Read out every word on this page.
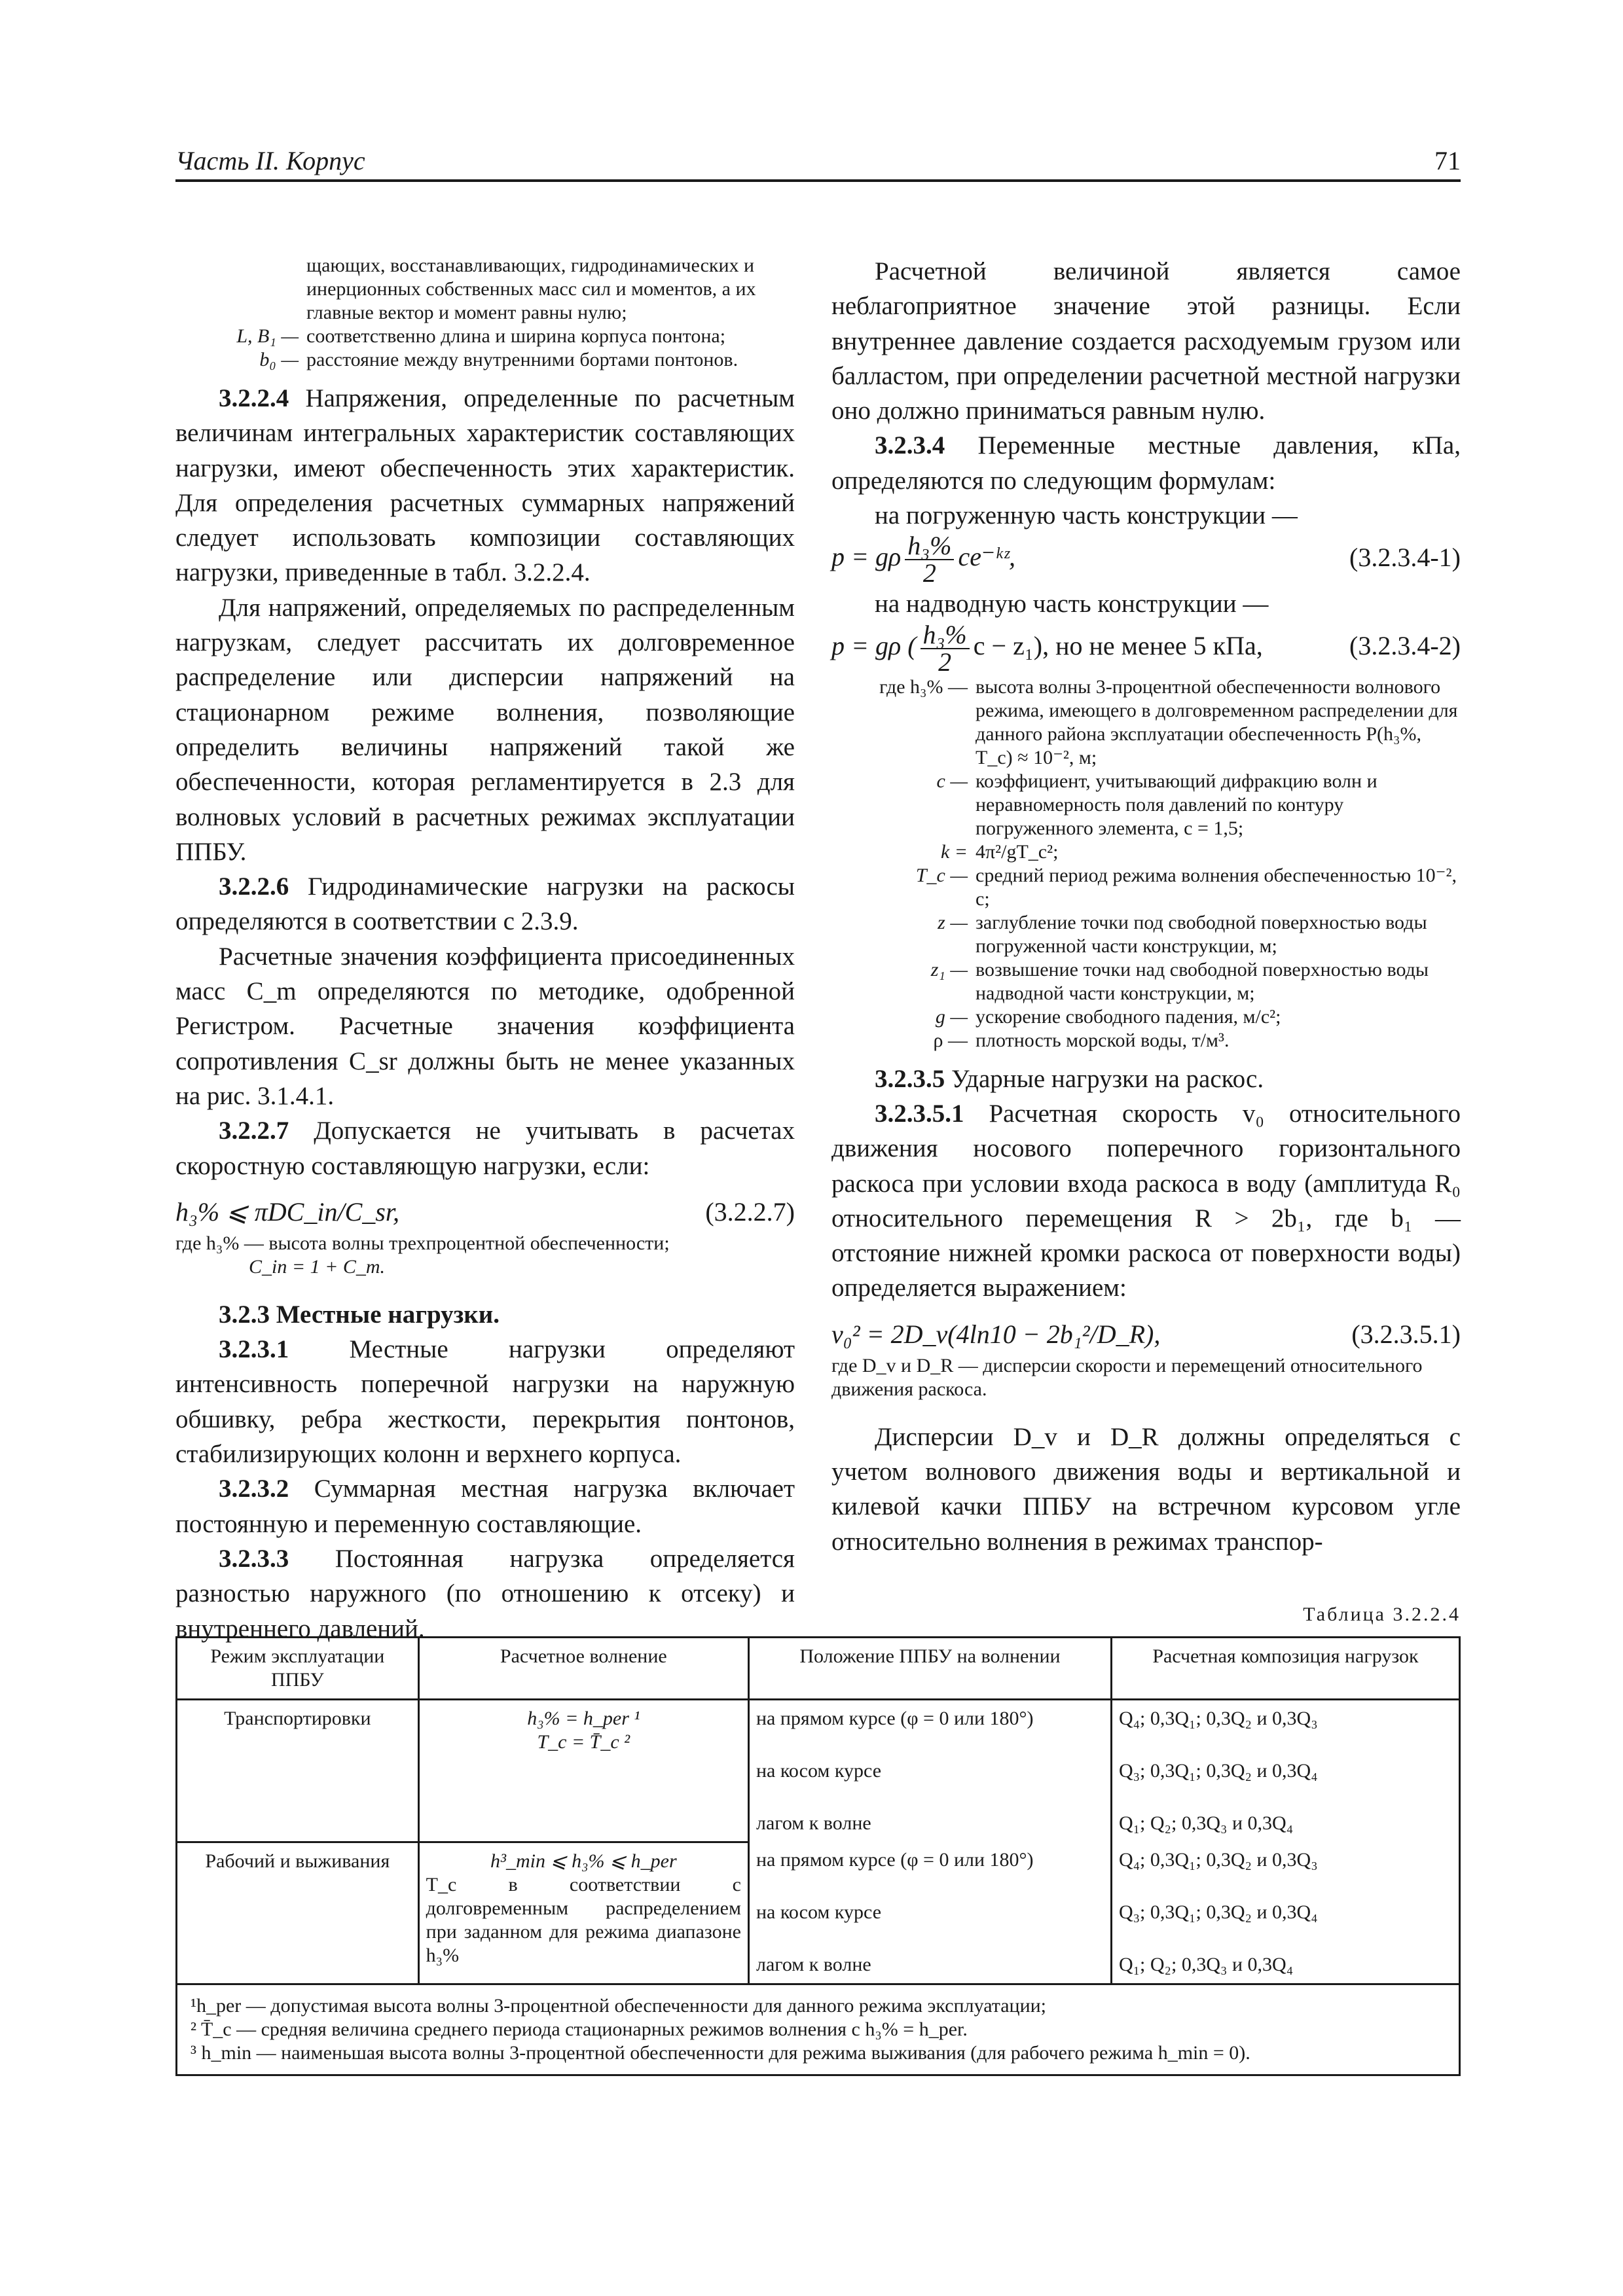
Часть II. Корпус	71
щающих, восстанавливающих, гидродинамических и инерционных собственных масс сил и моментов, а их главные вектор и момент равны нулю;
L, B₁ — соответственно длина и ширина корпуса понтона;
b₀ — расстояние между внутренними бортами понтонов.

3.2.2.4 Напряжения, определенные по расчетным величинам интегральных характеристик составляющих нагрузки, имеют обеспеченность этих характеристик. Для определения расчетных суммарных напряжений следует использовать композиции составляющих нагрузки, приведенные в табл. 3.2.2.4.

Для напряжений, определяемых по распределенным нагрузкам, следует рассчитать их долговременное распределение или дисперсии напряжений на стационарном режиме волнения, позволяющие определить величины напряжений такой же обеспеченности, которая регламентируется в 2.3 для волновых условий в расчетных режимах эксплуатации ППБУ.

3.2.2.6 Гидродинамические нагрузки на раскосы определяются в соответствии с 2.3.9.

Расчетные значения коэффициента присоединенных масс C_m определяются по методике, одобренной Регистром. Расчетные значения коэффициента сопротивления C_sr должны быть не менее указанных на рис. 3.1.4.1.

3.2.2.7 Допускается не учитывать в расчетах скоростную составляющую нагрузки, если:

h₃% ⩽ πDC_in/C_sr,	(3.2.2.7)
где h₃% — высота волны трехпроцентной обеспеченности;
C_in = 1 + C_m.

3.2.3 Местные нагрузки.

3.2.3.1 Местные нагрузки определяют интенсивность поперечной нагрузки на наружную обшивку, ребра жесткости, перекрытия понтонов, стабилизирующих колонн и верхнего корпуса.

3.2.3.2 Суммарная местная нагрузка включает постоянную и переменную составляющие.

3.2.3.3 Постоянная нагрузка определяется разностью наружного (по отношению к отсеку) и внутреннего давлений.

Расчетной величиной является самое неблагоприятное значение этой разницы. Если внутреннее давление создается расходуемым грузом или балластом, при определении расчетной местной нагрузки оно должно приниматься равным нулю.

3.2.3.4 Переменные местные давления, кПа, определяются по следующим формулам:

на погруженную часть конструкции —

p = gρ $\frac{\text{h₃\%}}{2}$ ce⁻ᵏᶻ,	(3.2.3.4-1)

на надводную часть конструкции —

p = gρ ( $\frac{\text{h₃\%}}{2}$ c − z₁), но не менее 5 кПа,	(3.2.3.4-2)
где h₃% — высота волны 3-процентной обеспеченности волнового режима, имеющего в долговременном распределении для данного района эксплуатации обеспеченность P(h₃%, T_c) ≈ 10⁻², м;
c — коэффициент, учитывающий дифракцию волн и неравномерность поля давлений по контуру погруженного элемента, c = 1,5;
k = 4π²/gT_c²;
T_c — средний период режима волнения обеспеченностью 10⁻², с;
z — заглубление точки под свободной поверхностью воды погруженной части конструкции, м;
z₁ — возвышение точки над свободной поверхностью воды надводной части конструкции, м;
g — ускорение свободного падения, м/с²;
ρ — плотность морской воды, т/м³.

3.2.3.5 Ударные нагрузки на раскос.

3.2.3.5.1 Расчетная скорость v₀ относительного движения носового поперечного горизонтального раскоса при условии входа раскоса в воду (амплитуда R₀ относительного перемещения R > 2b₁, где b₁ — отстояние нижней кромки раскоса от поверхности воды) определяется выражением:

v₀² = 2D_v(4ln10 − 2b₁²/D_R),	(3.2.3.5.1)
где D_v и D_R — дисперсии скорости и перемещений относительного движения раскоса.

Дисперсии D_v и D_R должны определяться с учетом волнового движения воды и вертикальной и килевой качки ППБУ на встречном курсовом угле относительно волнения в режимах транспор-

Таблица 3.2.2.4
Режим эксплуатации ППБУ	Расчетное волнение	Положение ППБУ на волнении	Расчетная композиция нагрузок
Транспортировки	h₃% = h_per ¹
T_c = T̄_c ²	на прямом курсе (φ = 0 или 180°)	Q₄; 0,3Q₁; 0,3Q₂ и 0,3Q₃
		на косом курсе	Q₃; 0,3Q₁; 0,3Q₂ и 0,3Q₄
		лагом к волне	Q₁; Q₂; 0,3Q₃ и 0,3Q₄
Рабочий и выживания	h³_min ⩽ h₃% ⩽ h_per
T_c в соответствии с долговременным распределением при заданном для режима диапазоне h₃%	на прямом курсе (φ = 0 или 180°)	Q₄; 0,3Q₁; 0,3Q₂ и 0,3Q₃
		на косом курсе	Q₃; 0,3Q₁; 0,3Q₂ и 0,3Q₄
		лагом к волне	Q₁; Q₂; 0,3Q₃ и 0,3Q₄

¹h_per — допустимая высота волны 3-процентной обеспеченности для данного режима эксплуатации;
² T̄_c — средняя величина среднего периода стационарных режимов волнения с h₃% = h_per.
³ h_min — наименьшая высота волны 3-процентной обеспеченности для режима выживания (для рабочего режима h_min = 0).			
